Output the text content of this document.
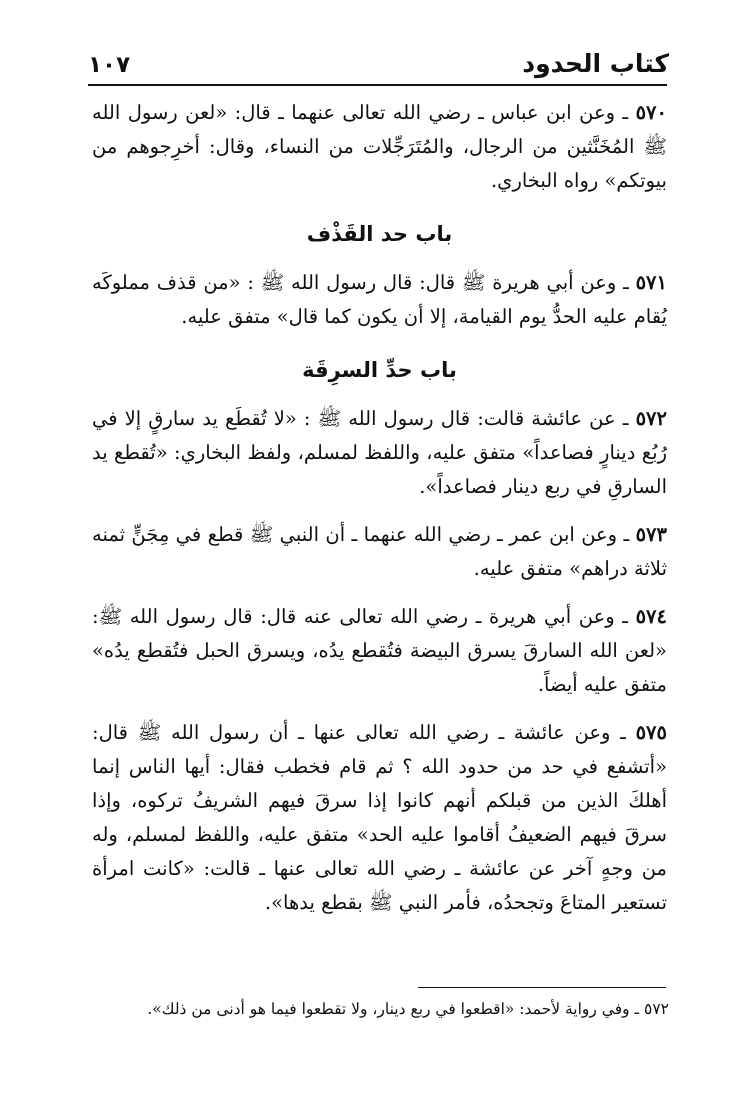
كتاب الحدود
١٠٧

٥٧٠ ـ وعن ابن عباس ـ رضي الله تعالى عنهما ـ قال: «لعن رسول الله ﷺ المُخَنَّثين من الرجال، والمُتَرَجِّلات من النساء، وقال: أخرِجوهم من بيوتكم» رواه البخاري.

باب حد القَذْف

٥٧١ ـ وعن أبي هريرة ﷺ قال: قال رسول الله ﷺ : «من قذف مملوكَه يُقام عليه الحدُّ يوم القيامة، إلا أن يكون كما قال» متفق عليه.

باب حدِّ السرِقَة

٥٧٢ ـ عن عائشة قالت: قال رسول الله ﷺ : «لا تُقطَع يد سارقٍ إلا في رُبُع دينارٍ فصاعداً» متفق عليه، واللفظ لمسلم، ولفظ البخاري: «تُقطع يد السارقِ في ربع دينار فصاعداً».

٥٧٣ ـ وعن ابن عمر ـ رضي الله عنهما ـ أن النبي ﷺ قطع في مِجَنٍّ ثمنه ثلاثة دراهم» متفق عليه.

٥٧٤ ـ وعن أبي هريرة ـ رضي الله تعالى عنه قال: قال رسول الله ﷺ: «لعن الله السارقَ يسرق البيضة فتُقطع يدُه، ويسرق الحبل فتُقطع يدُه» متفق عليه أيضاً.

٥٧٥ ـ وعن عائشة ـ رضي الله تعالى عنها ـ أن رسول الله ﷺ قال: «أتشفع في حد من حدود الله ؟ ثم قام فخطب فقال: أيها الناس إنما أهلكَ الذين من قبلكم أنهم كانوا إذا سرقَ فيهم الشريفُ تركوه، وإذا سرقَ فيهم الضعيفُ أقاموا عليه الحد» متفق عليه، واللفظ لمسلم، وله من وجهٍ آخر عن عائشة ـ رضي الله تعالى عنها ـ قالت: «كانت امرأة تستعير المتاعَ وتجحدُه، فأمر النبي ﷺ بقطع يدها».

٥٧٢ ـ وفي رواية لأحمد: «اقطعوا في ربع دينار، ولا تقطعوا فيما هو أدنى من ذلك».
